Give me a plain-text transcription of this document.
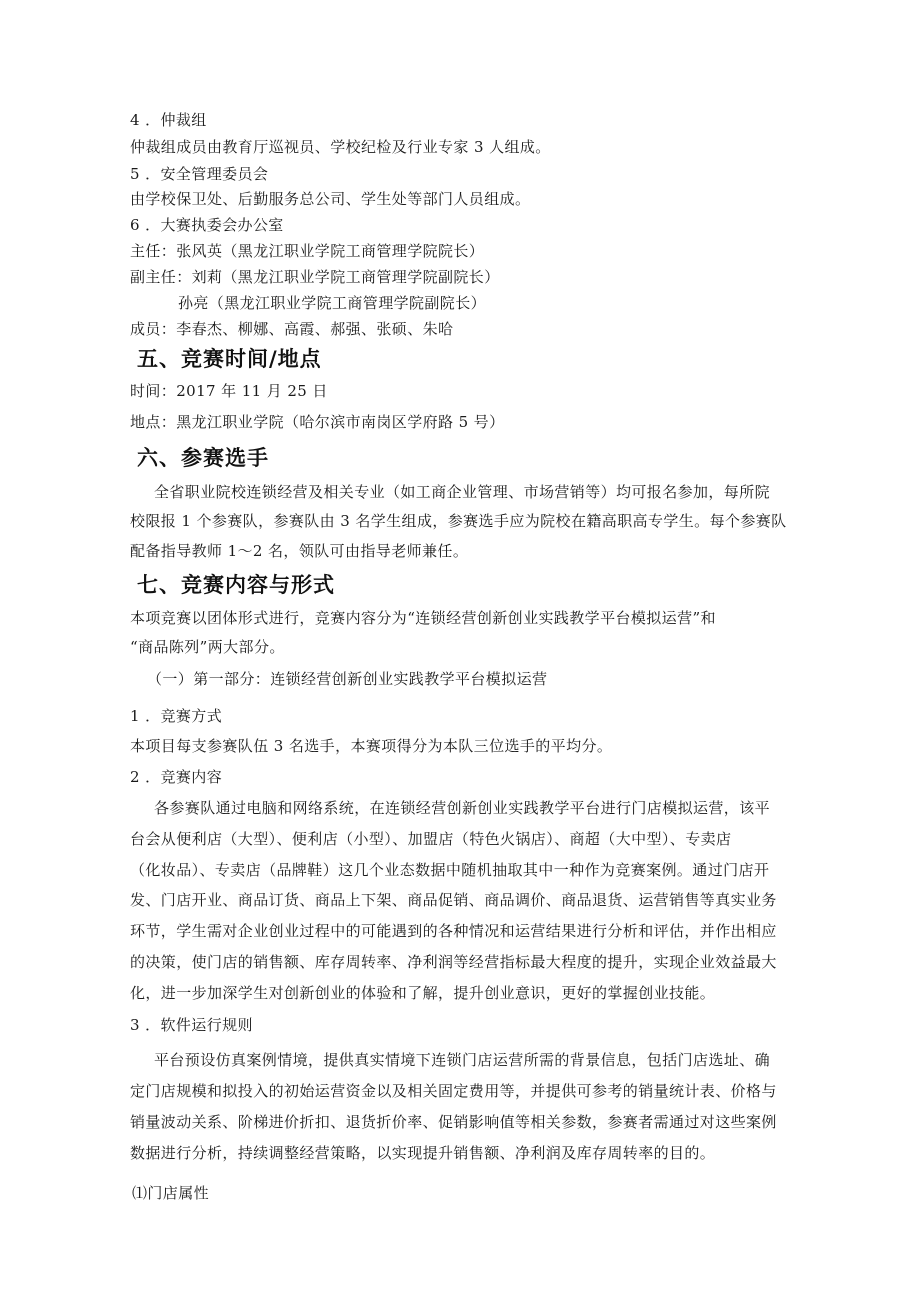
4 ．仲裁组
仲裁组成员由教育厅巡视员、学校纪检及行业专家 3 人组成。
5 ．安全管理委员会
由学校保卫处、后勤服务总公司、学生处等部门人员组成。
6 ．大赛执委会办公室
主任：张风英（黑龙江职业学院工商管理学院院长）
副主任：刘莉（黑龙江职业学院工商管理学院副院长）
孙亮（黑龙江职业学院工商管理学院副院长）
成员：李春杰、柳娜、高霞、郝强、张硕、朱哈
五、竞赛时间/地点
时间：2017 年 11 月 25 日
地点：黑龙江职业学院（哈尔滨市南岗区学府路 5 号）
六、参赛选手
全省职业院校连锁经营及相关专业（如工商企业管理、市场营销等）均可报名参加，每所院
校限报 1 个参赛队，参赛队由 3 名学生组成，参赛选手应为院校在籍高职高专学生。每个参赛队
配备指导教师 1～2 名，领队可由指导老师兼任。
七、竞赛内容与形式
本项竞赛以团体形式进行，竞赛内容分为“连锁经营创新创业实践教学平台模拟运营”和
“商品陈列”两大部分。
（一）第一部分：连锁经营创新创业实践教学平台模拟运营
1 ．竞赛方式
本项目每支参赛队伍 3 名选手，本赛项得分为本队三位选手的平均分。
2 ．竞赛内容
各参赛队通过电脑和网络系统，在连锁经营创新创业实践教学平台进行门店模拟运营，该平
台会从便利店（大型）、便利店（小型）、加盟店（特色火锅店）、商超（大中型）、专卖店
（化妆品）、专卖店（品牌鞋）这几个业态数据中随机抽取其中一种作为竞赛案例。通过门店开
发、门店开业、商品订货、商品上下架、商品促销、商品调价、商品退货、运营销售等真实业务
环节，学生需对企业创业过程中的可能遇到的各种情况和运营结果进行分析和评估，并作出相应
的决策，使门店的销售额、库存周转率、净利润等经营指标最大程度的提升，实现企业效益最大
化，进一步加深学生对创新创业的体验和了解，提升创业意识，更好的掌握创业技能。
3 ．软件运行规则
平台预设仿真案例情境，提供真实情境下连锁门店运营所需的背景信息，包括门店选址、确
定门店规模和拟投入的初始运营资金以及相关固定费用等，并提供可参考的销量统计表、价格与
销量波动关系、阶梯进价折扣、退货折价率、促销影响值等相关参数，参赛者需通过对这些案例
数据进行分析，持续调整经营策略，以实现提升销售额、净利润及库存周转率的目的。
⑴门店属性
